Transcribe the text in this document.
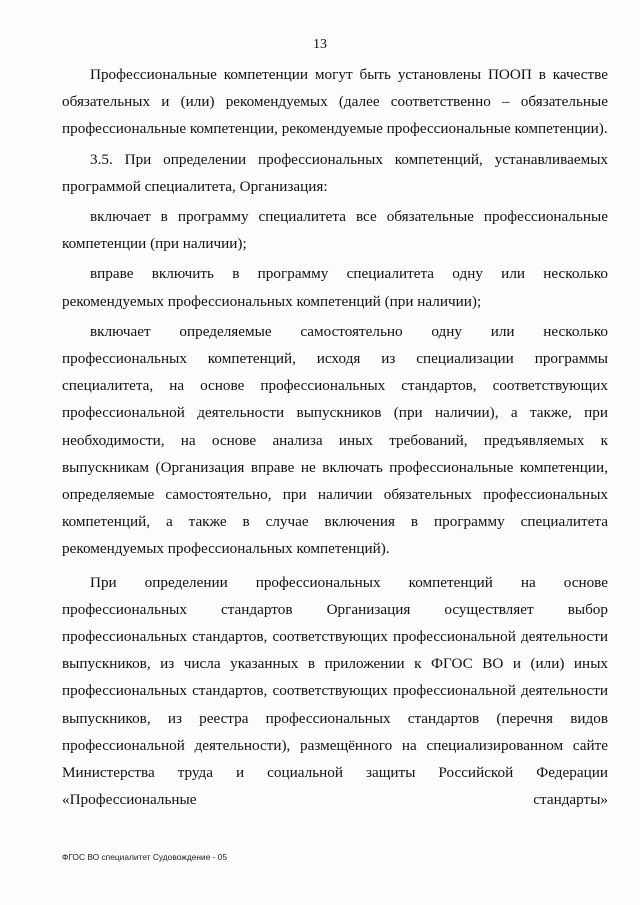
13

Профессиональные компетенции могут быть установлены ПООП в качестве обязательных и (или) рекомендуемых (далее соответственно – обязательные профессиональные компетенции, рекомендуемые профессиональные компетенции).

3.5. При определении профессиональных компетенций, устанавливаемых программой специалитета, Организация:

включает в программу специалитета все обязательные профессиональные компетенции (при наличии);

вправе включить в программу специалитета одну или несколько рекомендуемых профессиональных компетенций (при наличии);

включает определяемые самостоятельно одну или несколько профессиональных компетенций, исходя из специализации программы специалитета, на основе профессиональных стандартов, соответствующих профессиональной деятельности выпускников (при наличии), а также, при необходимости, на основе анализа иных требований, предъявляемых к выпускникам (Организация вправе не включать профессиональные компетенции, определяемые самостоятельно, при наличии обязательных профессиональных компетенций, а также в случае включения в программу специалитета рекомендуемых профессиональных компетенций).

При определении профессиональных компетенций на основе профессиональных стандартов Организация осуществляет выбор профессиональных стандартов, соответствующих профессиональной деятельности выпускников, из числа указанных в приложении к ФГОС ВО и (или) иных профессиональных стандартов, соответствующих профессиональной деятельности выпускников, из реестра профессиональных стандартов (перечня видов профессиональной деятельности), размещённого на специализированном сайте Министерства труда и социальной защиты Российской Федерации «Профессиональные стандарты»

ФГОС ВО специалитет Судовождение - 05
